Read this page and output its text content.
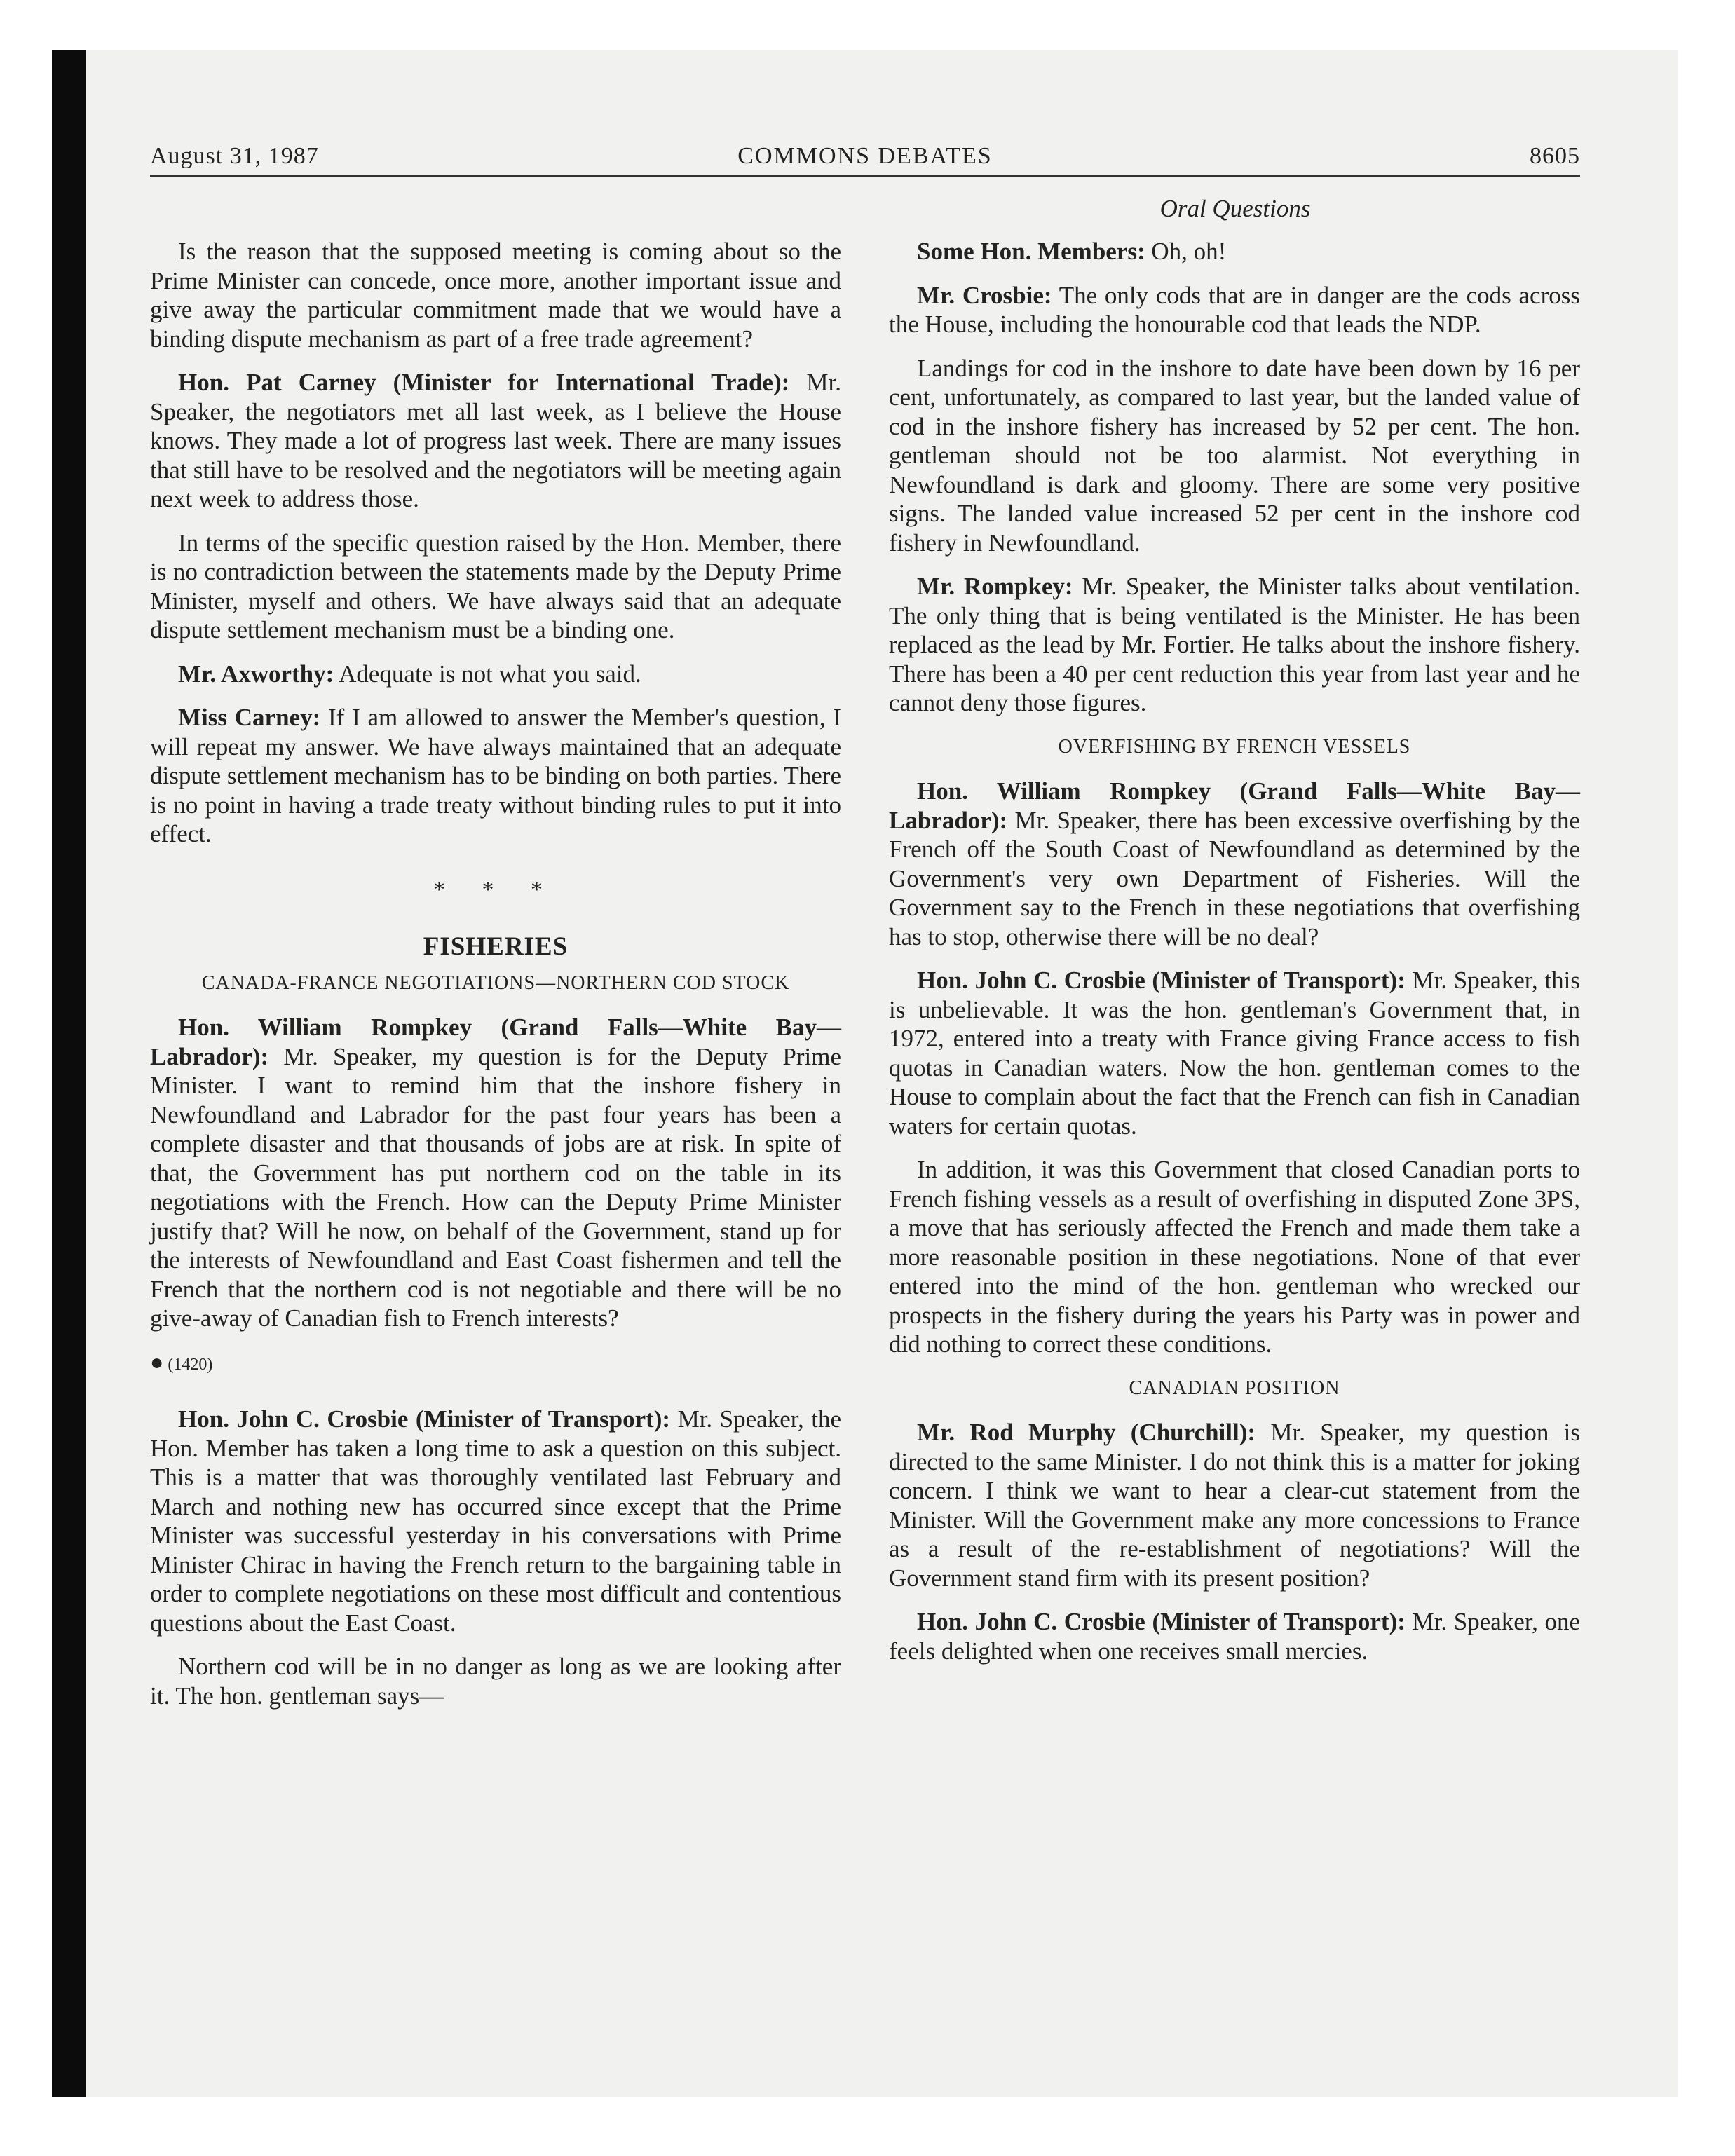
August 31, 1987	COMMONS DEBATES	8605
Oral Questions

Is the reason that the supposed meeting is coming about so the Prime Minister can concede, once more, another important issue and give away the particular commitment made that we would have a binding dispute mechanism as part of a free trade agreement?

Hon. Pat Carney (Minister for International Trade): Mr. Speaker, the negotiators met all last week, as I believe the House knows. They made a lot of progress last week. There are many issues that still have to be resolved and the negotiators will be meeting again next week to address those.

In terms of the specific question raised by the Hon. Member, there is no contradiction between the statements made by the Deputy Prime Minister, myself and others. We have always said that an adequate dispute settlement mechanism must be a binding one.

Mr. Axworthy: Adequate is not what you said.

Miss Carney: If I am allowed to answer the Member's question, I will repeat my answer. We have always maintained that an adequate dispute settlement mechanism has to be binding on both parties. There is no point in having a trade treaty without binding rules to put it into effect.

* * *
FISHERIES
CANADA-FRANCE NEGOTIATIONS—NORTHERN COD STOCK

Hon. William Rompkey (Grand Falls—White Bay—Labrador): Mr. Speaker, my question is for the Deputy Prime Minister. I want to remind him that the inshore fishery in Newfoundland and Labrador for the past four years has been a complete disaster and that thousands of jobs are at risk. In spite of that, the Government has put northern cod on the table in its negotiations with the French. How can the Deputy Prime Minister justify that? Will he now, on behalf of the Government, stand up for the interests of Newfoundland and East Coast fishermen and tell the French that the northern cod is not negotiable and there will be no give-away of Canadian fish to French interests?

● (1420)

Hon. John C. Crosbie (Minister of Transport): Mr. Speaker, the Hon. Member has taken a long time to ask a question on this subject. This is a matter that was thoroughly ventilated last February and March and nothing new has occurred since except that the Prime Minister was successful yesterday in his conversations with Prime Minister Chirac in having the French return to the bargaining table in order to complete negotiations on these most difficult and contentious questions about the East Coast.

Northern cod will be in no danger as long as we are looking after it. The hon. gentleman says—

Some Hon. Members: Oh, oh!

Mr. Crosbie: The only cods that are in danger are the cods across the House, including the honourable cod that leads the NDP.

Landings for cod in the inshore to date have been down by 16 per cent, unfortunately, as compared to last year, but the landed value of cod in the inshore fishery has increased by 52 per cent. The hon. gentleman should not be too alarmist. Not everything in Newfoundland is dark and gloomy. There are some very positive signs. The landed value increased 52 per cent in the inshore cod fishery in Newfoundland.

Mr. Rompkey: Mr. Speaker, the Minister talks about ventilation. The only thing that is being ventilated is the Minister. He has been replaced as the lead by Mr. Fortier. He talks about the inshore fishery. There has been a 40 per cent reduction this year from last year and he cannot deny those figures.

OVERFISHING BY FRENCH VESSELS

Hon. William Rompkey (Grand Falls—White Bay—Labrador): Mr. Speaker, there has been excessive overfishing by the French off the South Coast of Newfoundland as determined by the Government's very own Department of Fisheries. Will the Government say to the French in these negotiations that overfishing has to stop, otherwise there will be no deal?

Hon. John C. Crosbie (Minister of Transport): Mr. Speaker, this is unbelievable. It was the hon. gentleman's Government that, in 1972, entered into a treaty with France giving France access to fish quotas in Canadian waters. Now the hon. gentleman comes to the House to complain about the fact that the French can fish in Canadian waters for certain quotas.

In addition, it was this Government that closed Canadian ports to French fishing vessels as a result of overfishing in disputed Zone 3PS, a move that has seriously affected the French and made them take a more reasonable position in these negotiations. None of that ever entered into the mind of the hon. gentleman who wrecked our prospects in the fishery during the years his Party was in power and did nothing to correct these conditions.

CANADIAN POSITION

Mr. Rod Murphy (Churchill): Mr. Speaker, my question is directed to the same Minister. I do not think this is a matter for joking concern. I think we want to hear a clear-cut statement from the Minister. Will the Government make any more concessions to France as a result of the re-establishment of negotiations? Will the Government stand firm with its present position?

Hon. John C. Crosbie (Minister of Transport): Mr. Speaker, one feels delighted when one receives small mercies.
